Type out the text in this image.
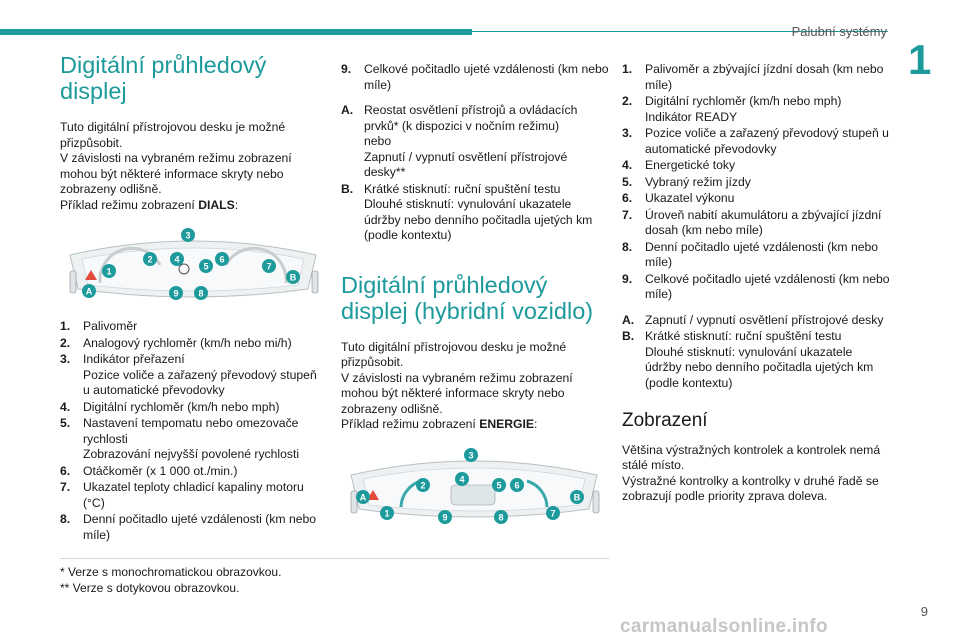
Palubní systémy
1
Digitální průhledový displej

Tuto digitální přístrojovou desku je možné přizpůsobit.
V závislosti na vybraném režimu zobrazení mohou být některé informace skryty nebo zobrazeny odlišně.
Příklad režimu zobrazení DIALS:

3
1
2 4
5
6
7
A
B
9 8
1. Palivoměr
2. Analogový rychloměr (km/h nebo mi/h)
3. Indikátor přeřazení
Pozice voliče a zařazený převodový stupeň u automatické převodovky
4. Digitální rychloměr (km/h nebo mph)
5. Nastavení tempomatu nebo omezovače rychlosti
Zobrazování nejvyšší povolené rychlosti
6. Otáčkoměr (x 1 000 ot./min.)
7. Ukazatel teploty chladicí kapaliny motoru (°C)
8. Denní počitadlo ujeté vzdálenosti (km nebo míle)
9. Celkové počitadlo ujeté vzdálenosti (km nebo míle)
A. Reostat osvětlení přístrojů a ovládacích prvků* (k dispozici v nočním režimu)
nebo
Zapnutí / vypnutí osvětlení přístrojové desky**
B. Krátké stisknutí: ruční spuštění testu
Dlouhé stisknutí: vynulování ukazatele údržby nebo denního počitadla ujetých km (podle kontextu)
Digitální průhledový displej (hybridní vozidlo)

Tuto digitální přístrojovou desku je možné přizpůsobit.
V závislosti na vybraném režimu zobrazení mohou být některé informace skryty nebo zobrazeny odlišně.
Příklad režimu zobrazení ENERGIE:

3
2
4
5 6
A	B
1	9	8	7
1. Palivoměr a zbývající jízdní dosah (km nebo míle)
2. Digitální rychloměr (km/h nebo mph)
Indikátor READY
3. Pozice voliče a zařazený převodový stupeň u automatické převodovky
4. Energetické toky
5. Vybraný režim jízdy
6. Ukazatel výkonu
7. Úroveň nabití akumulátoru a zbývající jízdní dosah (km nebo míle)
8. Denní počitadlo ujeté vzdálenosti (km nebo míle)
9. Celkové počitadlo ujeté vzdálenosti (km nebo míle)
A. Zapnutí / vypnutí osvětlení přístrojové desky
B. Krátké stisknutí: ruční spuštění testu
Dlouhé stisknutí: vynulování ukazatele údržby nebo denního počitadla ujetých km (podle kontextu)
Zobrazení

Většina výstražných kontrolek a kontrolek nemá stálé místo.
Výstražné kontrolky a kontrolky v druhé řadě se zobrazují podle priority zprava doleva.

* Verze s monochromatickou obrazovkou.
** Verze s dotykovou obrazovkou.
9
carmanualsonline.info
